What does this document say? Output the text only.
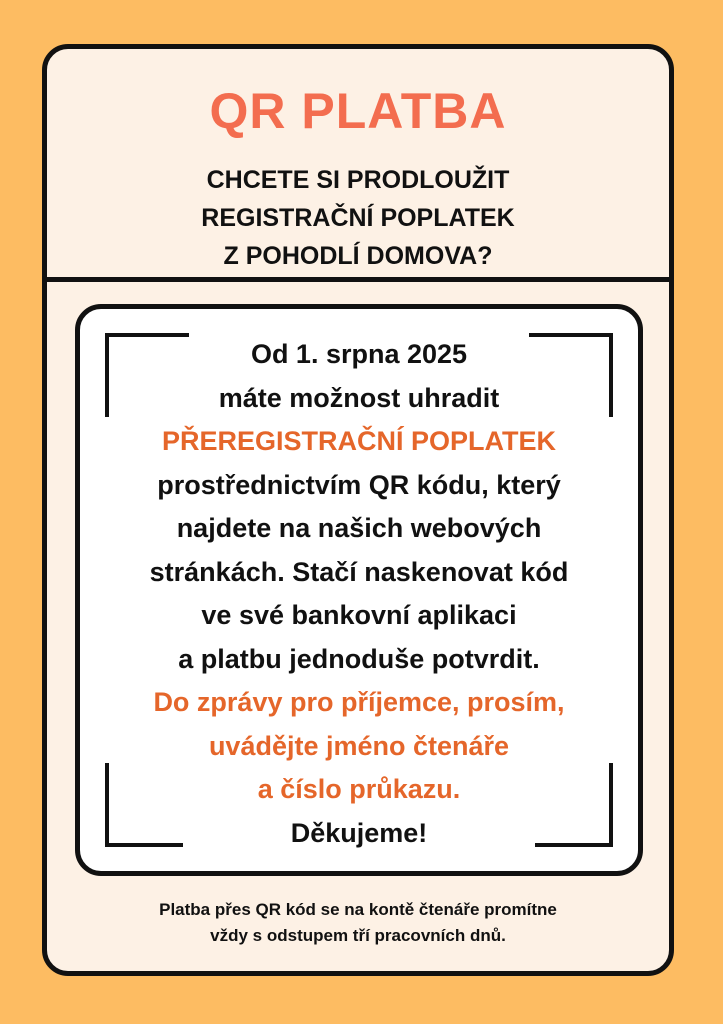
QR PLATBA
CHCETE SI PRODLOUŽIT
REGISTRAČNÍ POPLATEK
Z POHODLÍ DOMOVA?
Od 1. srpna 2025
máte možnost uhradit
PŘEREGISTRAČNÍ POPLATEK
prostřednictvím QR kódu, který
najdete na našich webových
stránkách. Stačí naskenovat kód
ve své bankovní aplikaci
a platbu jednoduše potvrdit.
Do zprávy pro příjemce, prosím,
uvádějte jméno čtenáře
a číslo průkazu.
Děkujeme!
Platba přes QR kód se na kontě čtenáře promítne
vždy s odstupem tří pracovních dnů.
